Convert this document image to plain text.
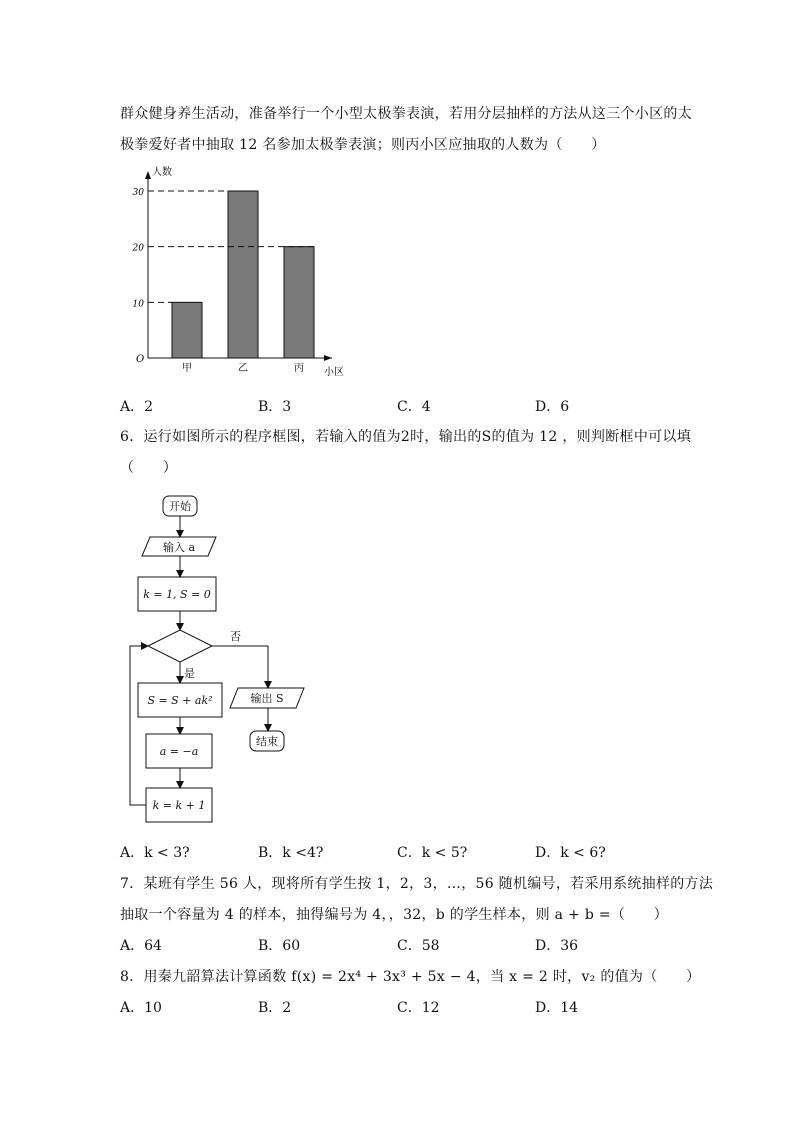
群众健身养生活动，准备举行一个小型太极拳表演，若用分层抽样的方法从这三个小区的太
极拳爱好者中抽取 12 名参加太极拳表演；则丙小区应抽取的人数为（　　）
人数
小区
O
甲	乙	丙
10
20
30
A．2	B．3	C．4	D．6
6．运行如图所示的程序框图，若输入的值为2时，输出的S的值为 12 ，则判断框中可以填
（　　）
开始
输入 a
k = 1, S = 0
否
是
S = S + ak²	输出 S
结束
a = −a
k = k + 1
A．k < 3?	B．k <4?	C．k < 5?	D．k < 6?
7．某班有学生 56 人，现将所有学生按 1，2，3，…，56 随机编号，若采用系统抽样的方法
抽取一个容量为 4 的样本，抽得编号为 4，，32，b 的学生样本，则 a + b =（　　）
A．64	B．60	C．58	D．36
8．用秦九韶算法计算函数 f(x) = 2x⁴ + 3x³ + 5x − 4，当 x = 2 时，v₂ 的值为（　　）
A．10	B．2	C．12	D．14
